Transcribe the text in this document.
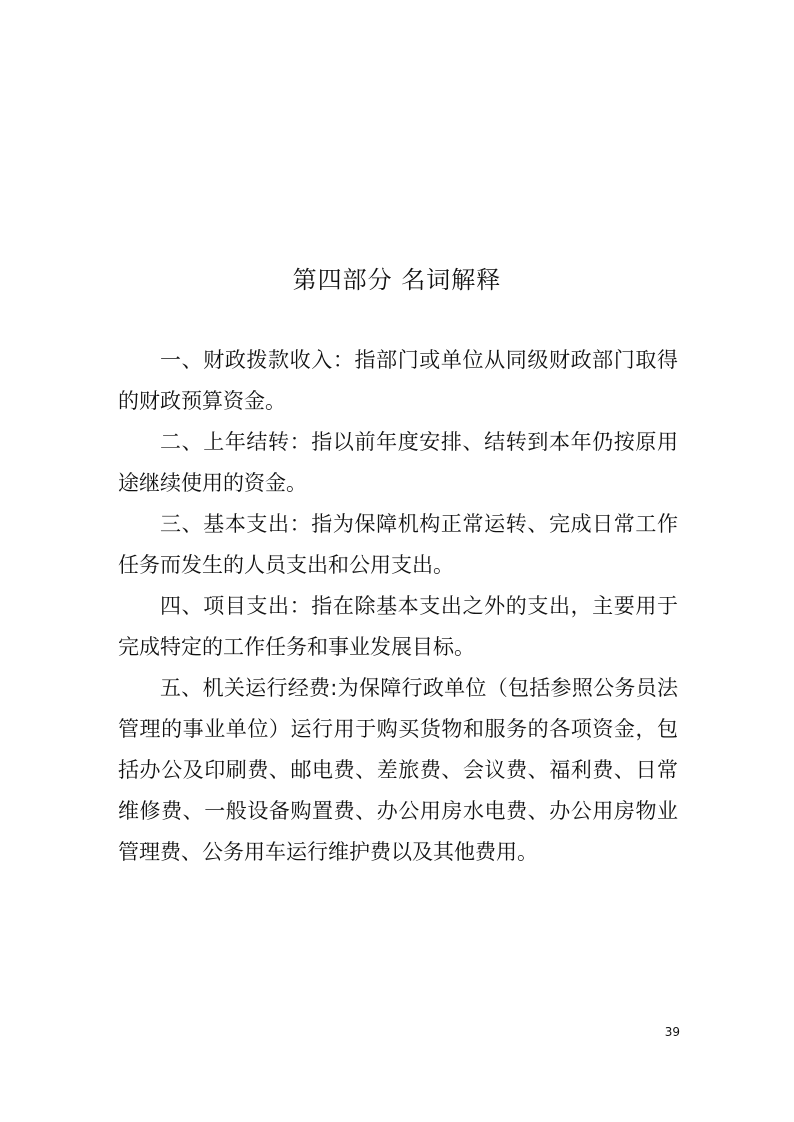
第四部分 名词解释

一、财政拨款收入：指部门或单位从同级财政部门取得的财政预算资金。

二、上年结转：指以前年度安排、结转到本年仍按原用途继续使用的资金。

三、基本支出：指为保障机构正常运转、完成日常工作任务而发生的人员支出和公用支出。

四、项目支出：指在除基本支出之外的支出，主要用于完成特定的工作任务和事业发展目标。

五、机关运行经费:为保障行政单位（包括参照公务员法管理的事业单位）运行用于购买货物和服务的各项资金，包括办公及印刷费、邮电费、差旅费、会议费、福利费、日常维修费、一般设备购置费、办公用房水电费、办公用房物业管理费、公务用车运行维护费以及其他费用。

39
